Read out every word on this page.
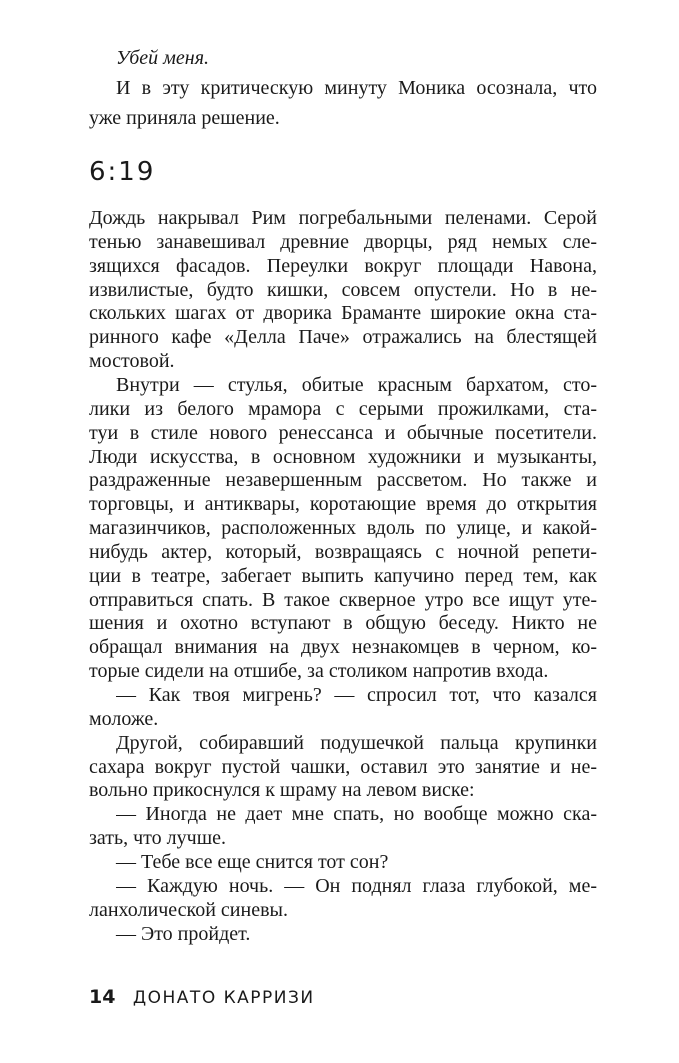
Убей меня.
И в эту критическую минуту Моника осознала, что
уже приняла решение.
6:19
Дождь накрывал Рим погребальными пеленами. Серой
тенью занавешивал древние дворцы, ряд немых сле-
зящихся фасадов. Переулки вокруг площади Навона,
извилистые, будто кишки, совсем опустели. Но в не-
скольких шагах от дворика Браманте широкие окна ста-
ринного кафе «Делла Паче» отражались на блестящей
мостовой.
Внутри — стулья, обитые красным бархатом, сто-
лики из белого мрамора с серыми прожилками, ста-
туи в стиле нового ренессанса и обычные посетители.
Люди искусства, в основном художники и музыканты,
раздраженные незавершенным рассветом. Но также и
торговцы, и антиквары, коротающие время до открытия
магазинчиков, расположенных вдоль по улице, и какой-
нибудь актер, который, возвращаясь с ночной репети-
ции в театре, забегает выпить капучино перед тем, как
отправиться спать. В такое скверное утро все ищут уте-
шения и охотно вступают в общую беседу. Никто не
обращал внимания на двух незнакомцев в черном, ко-
торые сидели на отшибе, за столиком напротив входа.
— Как твоя мигрень? — спросил тот, что казался
моложе.
Другой, собиравший подушечкой пальца крупинки
сахара вокруг пустой чашки, оставил это занятие и не-
вольно прикоснулся к шраму на левом виске:
— Иногда не дает мне спать, но вообще можно ска-
зать, что лучше.
— Тебе все еще снится тот сон?
— Каждую ночь. — Он поднял глаза глубокой, ме-
ланхолической синевы.
— Это пройдет.
14 ДОНАТО КАРРИЗИ
